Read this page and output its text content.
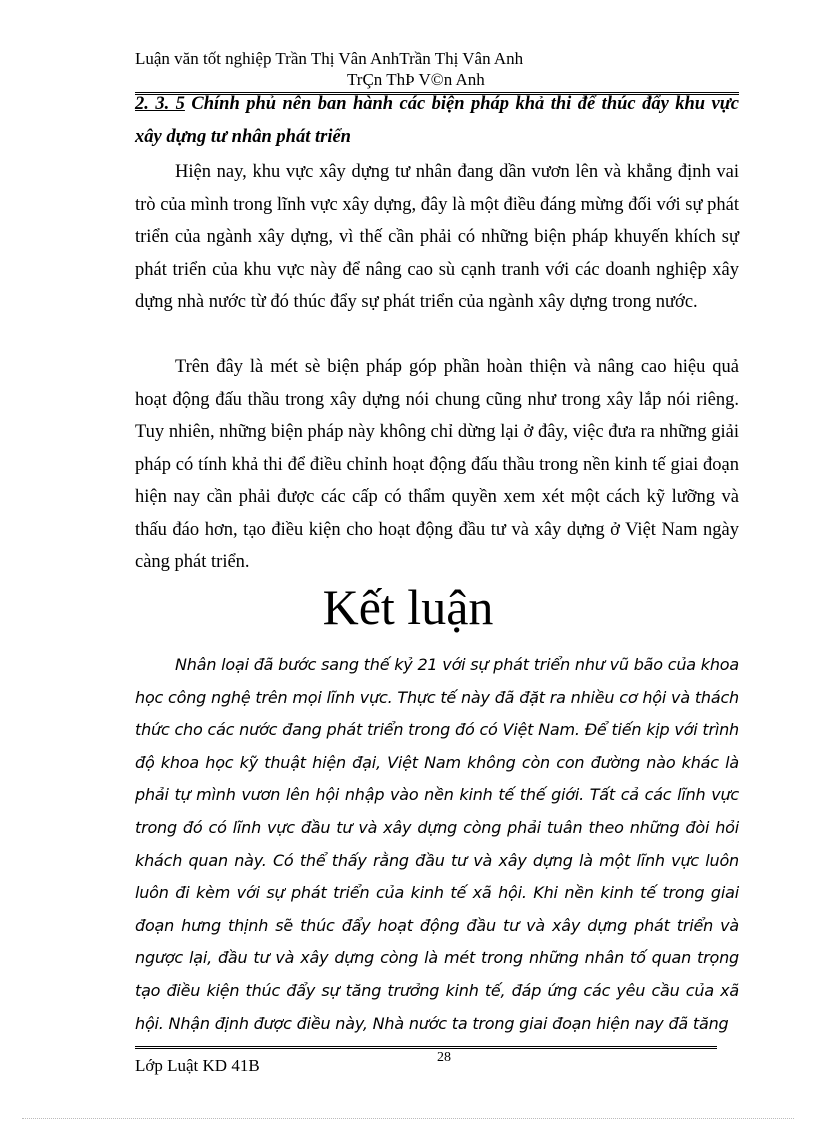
Luận văn tốt nghiệp Trần Thị Vân AnhTrần Thị Vân Anh
TrÇn ThÞ V©n Anh
2. 3. 5 Chính phủ nên ban hành các biện pháp khả thi để thúc đẩy khu vực xây dựng tư nhân phát triển

Hiện nay, khu vực xây dựng tư nhân đang dần vươn lên và khẳng định vai trò của mình trong lĩnh vực xây dựng, đây là một điều đáng mừng đối với sự phát triển của ngành xây dựng, vì thế cần phải có những biện pháp khuyến khích sự phát triển của khu vực này để nâng cao sù cạnh tranh với các doanh nghiệp xây dựng nhà nước từ đó thúc đẩy sự phát triển của ngành xây dựng trong nước.

Trên đây là mét sè biện pháp góp phần hoàn thiện và nâng cao hiệu quả hoạt động đấu thầu trong xây dựng nói chung cũng như trong xây lắp nói riêng. Tuy nhiên, những biện pháp này không chỉ dừng lại ở đây, việc đưa ra những giải pháp có tính khả thi để điều chỉnh hoạt động đấu thầu trong nền kinh tế giai đoạn hiện nay cần phải được các cấp có thẩm quyền xem xét một cách kỹ lưỡng và thấu đáo hơn, tạo điều kiện cho hoạt động đầu tư và xây dựng ở Việt Nam ngày càng phát triển.

Kết luận

Nhân loại đã bước sang thế kỷ 21 với sự phát triển như vũ bão của khoa học công nghệ trên mọi lĩnh vực. Thực tế này đã đặt ra nhiều cơ hội và thách thức cho các nước đang phát triển trong đó có Việt Nam. Để tiến kịp với trình độ khoa học kỹ thuật hiện đại, Việt Nam không còn con đường nào khác là phải tự mình vươn lên hội nhập vào nền kinh tế thế giới. Tất cả các lĩnh vực trong đó có lĩnh vực đầu tư và xây dựng còng phải tuân theo những đòi hỏi khách quan này. Có thể thấy rằng đầu tư và xây dựng là một lĩnh vực luôn luôn đi kèm với sự phát triển của kinh tế xã hội. Khi nền kinh tế trong giai đoạn hưng thịnh sẽ thúc đẩy hoạt động đầu tư và xây dựng phát triển và ngược lại, đầu tư và xây dựng còng là mét trong những nhân tố quan trọng tạo điều kiện thúc đẩy sự tăng trưởng kinh tế, đáp ứng các yêu cầu của xã hội. Nhận định được điều này, Nhà nước ta trong giai đoạn hiện nay đã tăng

28
Lớp Luật KD 41B
